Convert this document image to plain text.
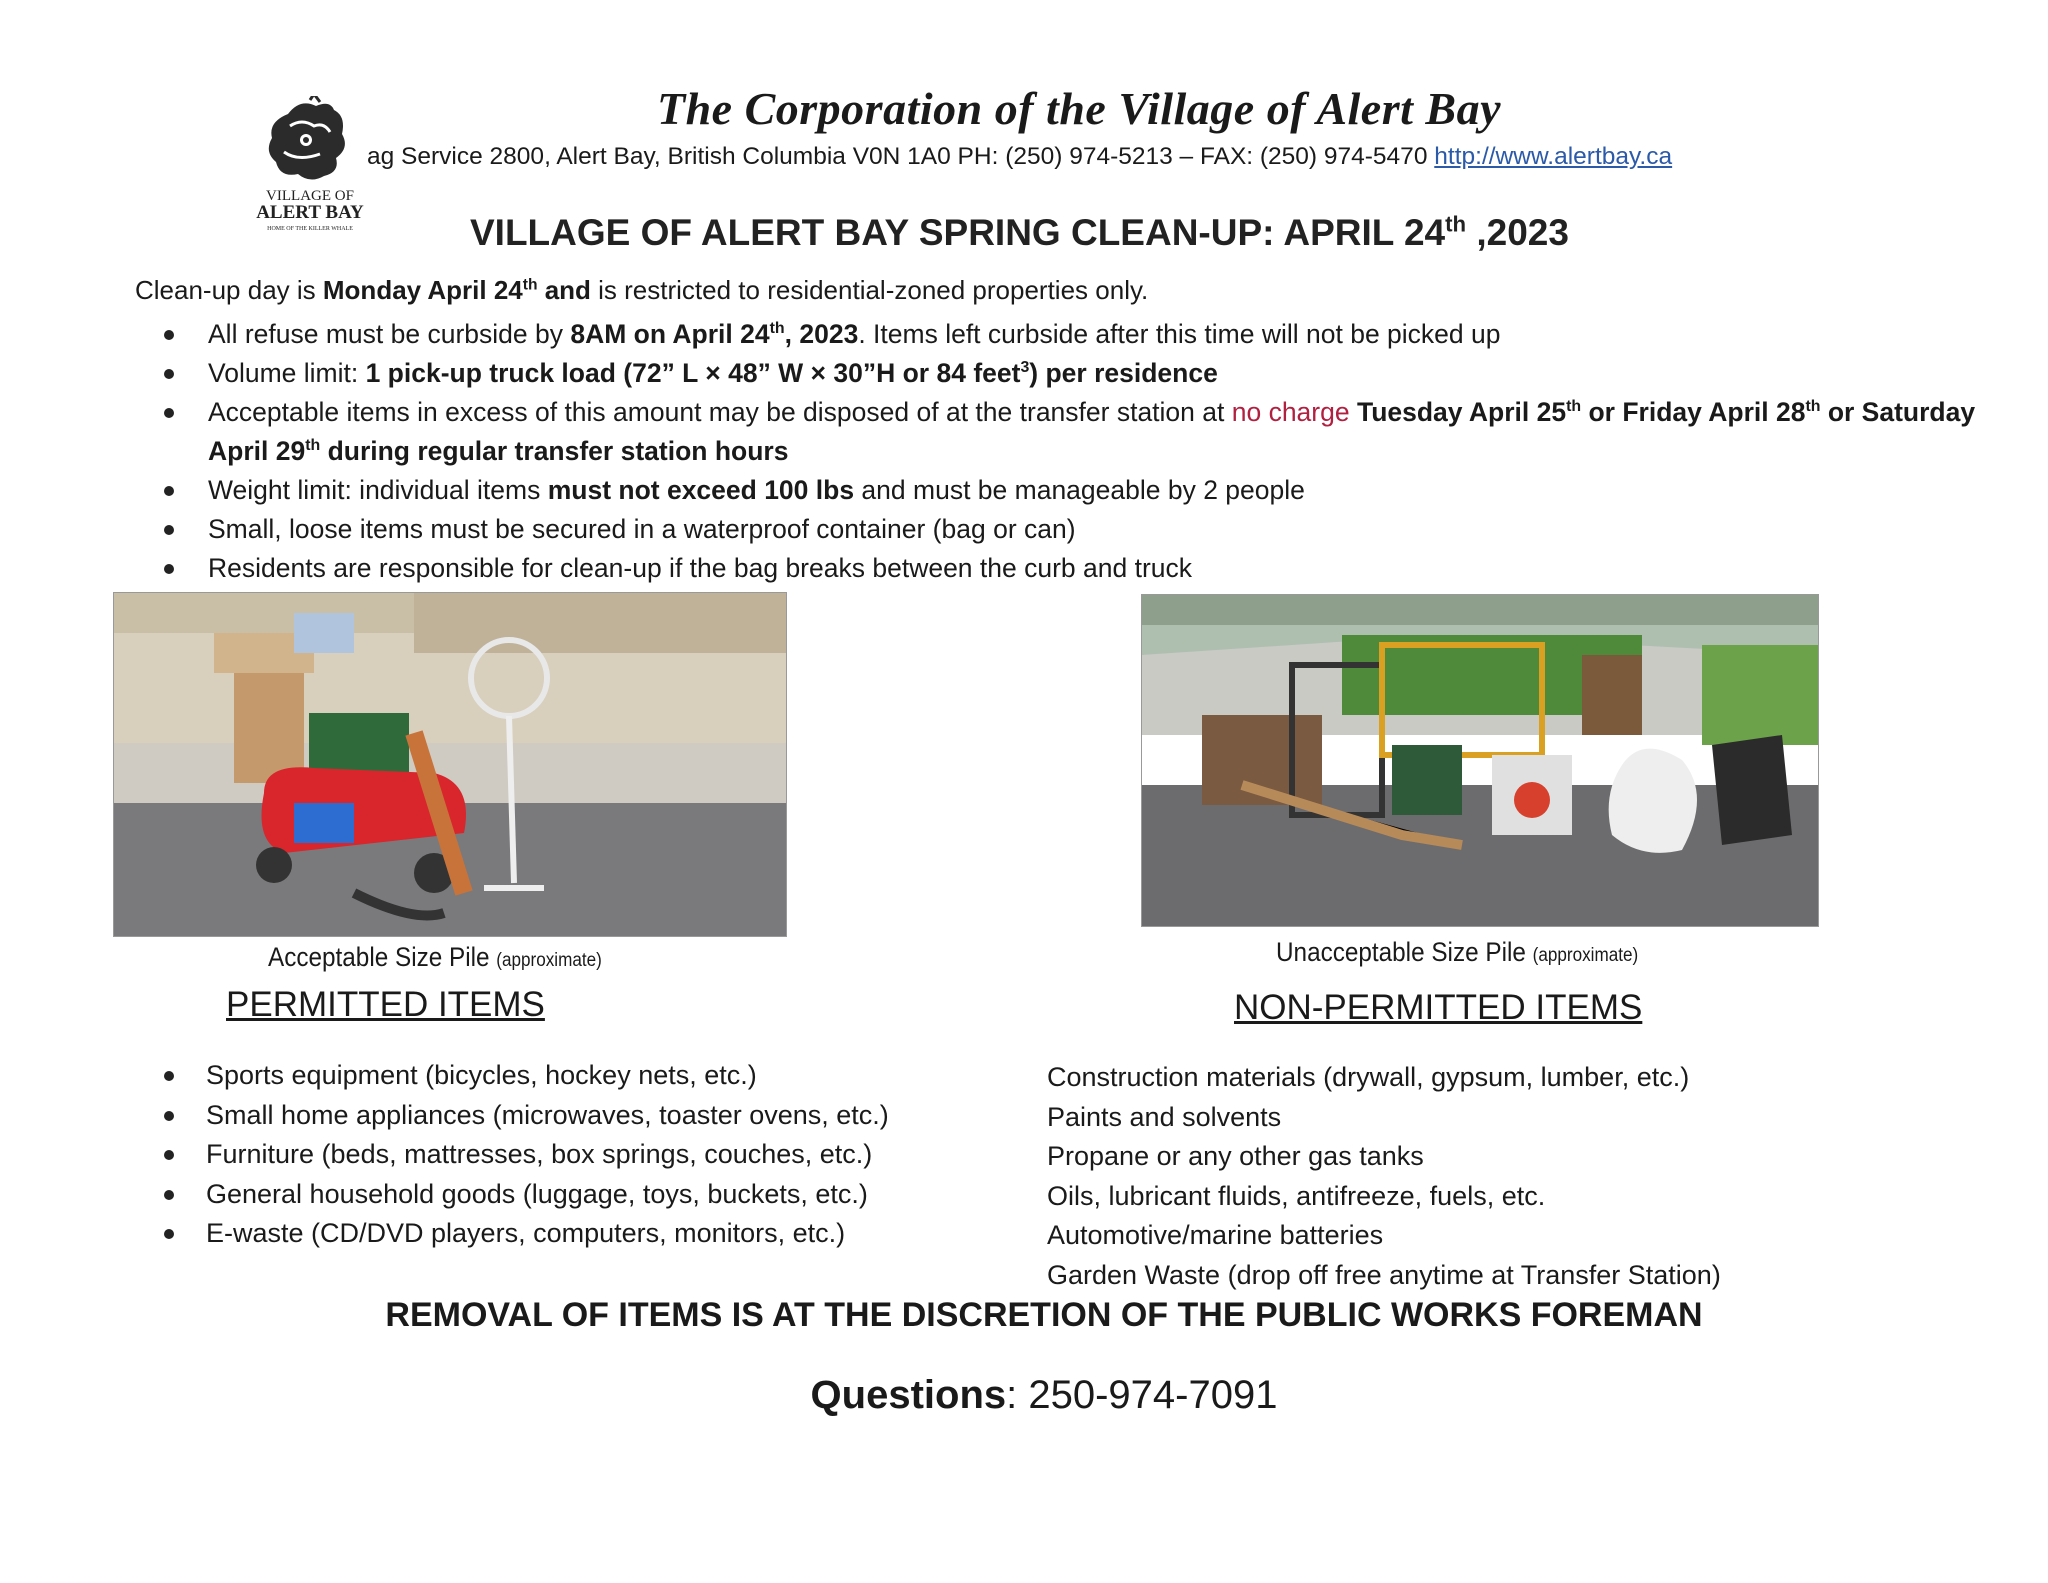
VILLAGE OF
ALERT BAY
HOME OF THE KILLER WHALE
The Corporation of the Village of Alert Bay
ag Service 2800, Alert Bay, British Columbia V0N 1A0 PH: (250) 974-5213 – FAX: (250) 974-5470 http://www.alertbay.ca
VILLAGE OF ALERT BAY SPRING CLEAN-UP: APRIL 24th ,2023
Clean-up day is Monday April 24th and is restricted to residential-zoned properties only.
All refuse must be curbside by 8AM on April 24th, 2023. Items left curbside after this time will not be picked up
Volume limit: 1 pick-up truck load (72” L × 48” W × 30”H or 84 feet$^3$) per residence
Acceptable items in excess of this amount may be disposed of at the transfer station at no charge Tuesday April 25th or Friday April 28th or Saturday April 29th during regular transfer station hours
Weight limit: individual items must not exceed 100 lbs and must be manageable by 2 people
Small, loose items must be secured in a waterproof container (bag or can)
Residents are responsible for clean-up if the bag breaks between the curb and truck
Acceptable Size Pile (approximate)	Unacceptable Size Pile (approximate)
PERMITTED ITEMS
Sports equipment (bicycles, hockey nets, etc.)
Small home appliances (microwaves, toaster ovens, etc.)
Furniture (beds, mattresses, box springs, couches, etc.)
General household goods (luggage, toys, buckets, etc.)
E-waste (CD/DVD players, computers, monitors, etc.)
NON-PERMITTED ITEMS
Construction materials (drywall, gypsum, lumber, etc.)
Paints and solvents
Propane or any other gas tanks
Oils, lubricant fluids, antifreeze, fuels, etc.
Automotive/marine batteries
Garden Waste (drop off free anytime at Transfer Station)
REMOVAL OF ITEMS IS AT THE DISCRETION OF THE PUBLIC WORKS FOREMAN
Questions: 250-974-7091
